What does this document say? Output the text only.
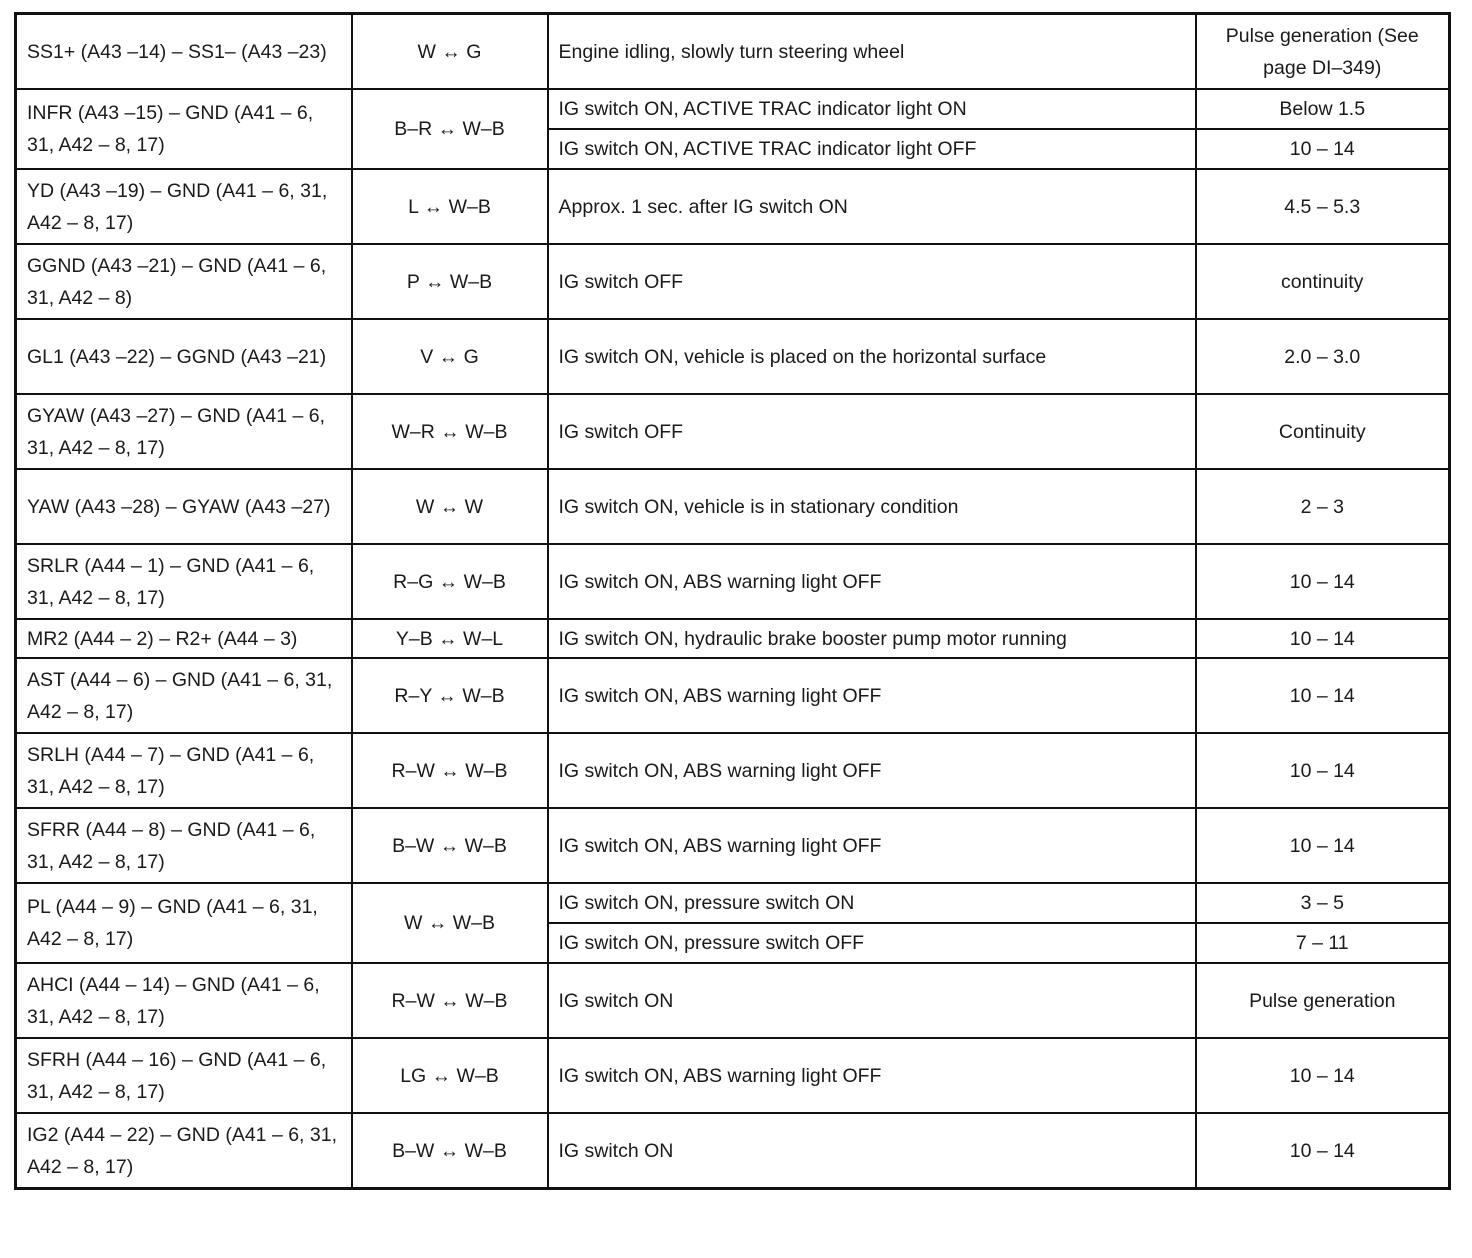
SS1+ (A43 –14) – SS1– (A43 –23)	W ↔ G	Engine idling, slowly turn steering wheel	Pulse generation (See page DI–349)
INFR (A43 –15) – GND (A41 – 6, 31, A42 – 8, 17)	B–R ↔ W–B	IG switch ON, ACTIVE TRAC indicator light ON	Below 1.5
		IG switch ON, ACTIVE TRAC indicator light OFF	10 – 14
YD (A43 –19) – GND (A41 – 6, 31, A42 – 8, 17)	L ↔ W–B	Approx. 1 sec. after IG switch ON	4.5 – 5.3
GGND (A43 –21) – GND (A41 – 6, 31, A42 – 8)	P ↔ W–B	IG switch OFF	continuity
GL1 (A43 –22) – GGND (A43 –21)	V ↔ G	IG switch ON, vehicle is placed on the horizontal surface	2.0 – 3.0
GYAW (A43 –27) – GND (A41 – 6, 31, A42 – 8, 17)	W–R ↔ W–B	IG switch OFF	Continuity
YAW (A43 –28) – GYAW (A43 –27)	W ↔ W	IG switch ON, vehicle is in stationary condition	2 – 3
SRLR (A44 – 1) – GND (A41 – 6, 31, A42 – 8, 17)	R–G ↔ W–B	IG switch ON, ABS warning light OFF	10 – 14
MR2 (A44 – 2) – R2+ (A44 – 3)	Y–B ↔ W–L	IG switch ON, hydraulic brake booster pump motor running	10 – 14
AST (A44 – 6) – GND (A41 – 6, 31, A42 – 8, 17)	R–Y ↔ W–B	IG switch ON, ABS warning light OFF	10 – 14
SRLH (A44 – 7) – GND (A41 – 6, 31, A42 – 8, 17)	R–W ↔ W–B	IG switch ON, ABS warning light OFF	10 – 14
SFRR (A44 – 8) – GND (A41 – 6, 31, A42 – 8, 17)	B–W ↔ W–B	IG switch ON, ABS warning light OFF	10 – 14
PL (A44 – 9) – GND (A41 – 6, 31, A42 – 8, 17)	W ↔ W–B	IG switch ON, pressure switch ON	3 – 5
		IG switch ON, pressure switch OFF	7 – 11
AHCI (A44 – 14) – GND (A41 – 6, 31, A42 – 8, 17)	R–W ↔ W–B	IG switch ON	Pulse generation
SFRH (A44 – 16) – GND (A41 – 6, 31, A42 – 8, 17)	LG ↔ W–B	IG switch ON, ABS warning light OFF	10 – 14
IG2 (A44 – 22) – GND (A41 – 6, 31, A42 – 8, 17)	B–W ↔ W–B	IG switch ON	10 – 14
